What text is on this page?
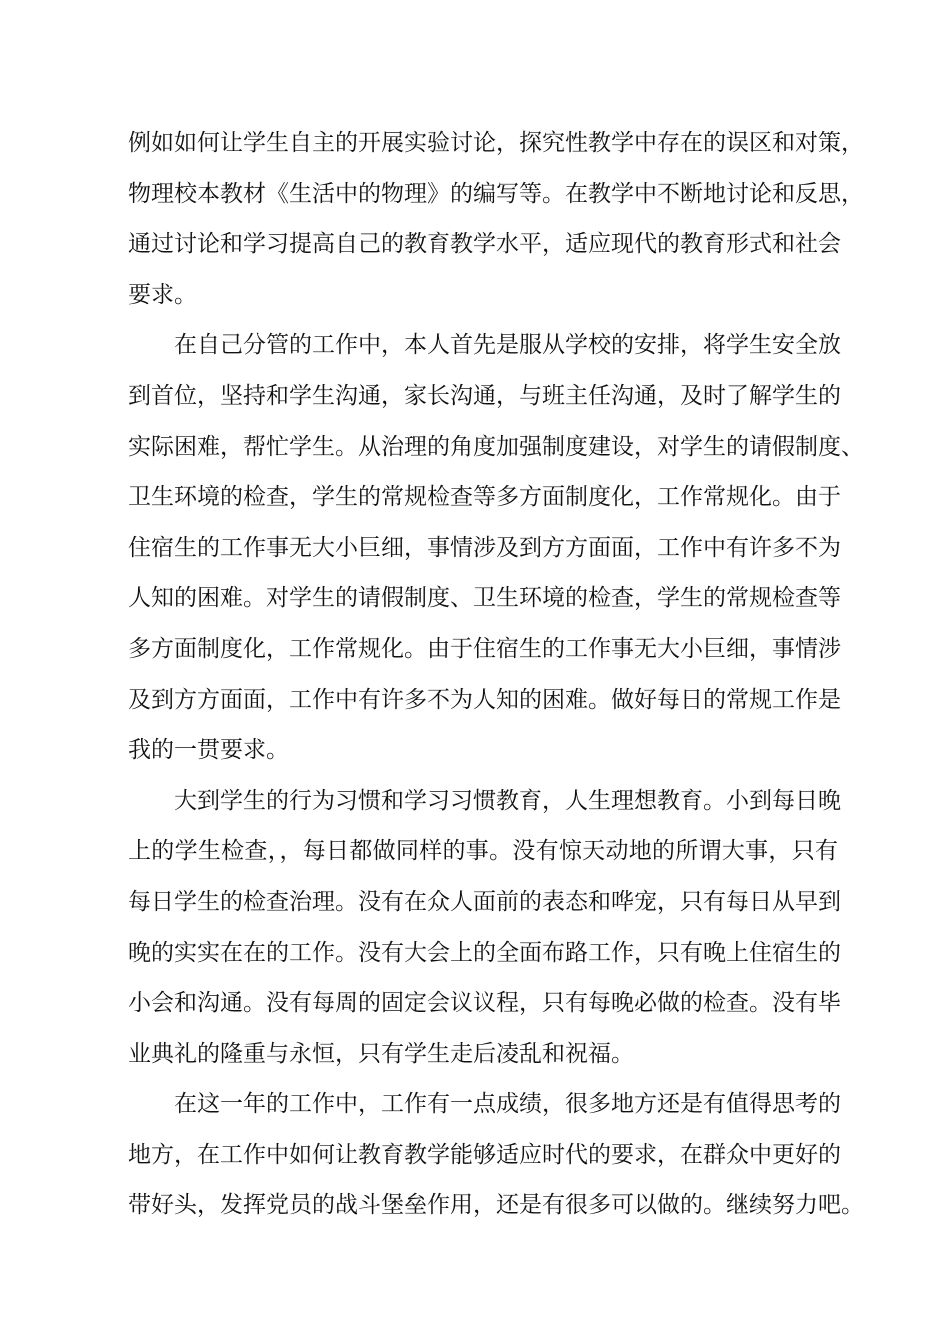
例如如何让学生自主的开展实验讨论，探究性教学中存在的误区和对策，
物理校本教材《生活中的物理》的编写等。在教学中不断地讨论和反思，
通过讨论和学习提高自己的教育教学水平，适应现代的教育形式和社会
要求。
在自己分管的工作中，本人首先是服从学校的安排，将学生安全放
到首位，坚持和学生沟通，家长沟通，与班主任沟通，及时了解学生的
实际困难，帮忙学生。从治理的角度加强制度建设，对学生的请假制度、
卫生环境的检查，学生的常规检查等多方面制度化，工作常规化。由于
住宿生的工作事无大小巨细，事情涉及到方方面面，工作中有许多不为
人知的困难。对学生的请假制度、卫生环境的检查，学生的常规检查等
多方面制度化，工作常规化。由于住宿生的工作事无大小巨细，事情涉
及到方方面面，工作中有许多不为人知的困难。做好每日的常规工作是
我的一贯要求。
大到学生的行为习惯和学习习惯教育，人生理想教育。小到每日晚
上的学生检查，，每日都做同样的事。没有惊天动地的所谓大事，只有
每日学生的检查治理。没有在众人面前的表态和哗宠，只有每日从早到
晚的实实在在的工作。没有大会上的全面布路工作，只有晚上住宿生的
小会和沟通。没有每周的固定会议议程，只有每晚必做的检查。没有毕
业典礼的隆重与永恒，只有学生走后凌乱和祝福。
在这一年的工作中，工作有一点成绩，很多地方还是有值得思考的
地方，在工作中如何让教育教学能够适应时代的要求，在群众中更好的
带好头，发挥党员的战斗堡垒作用，还是有很多可以做的。继续努力吧。
